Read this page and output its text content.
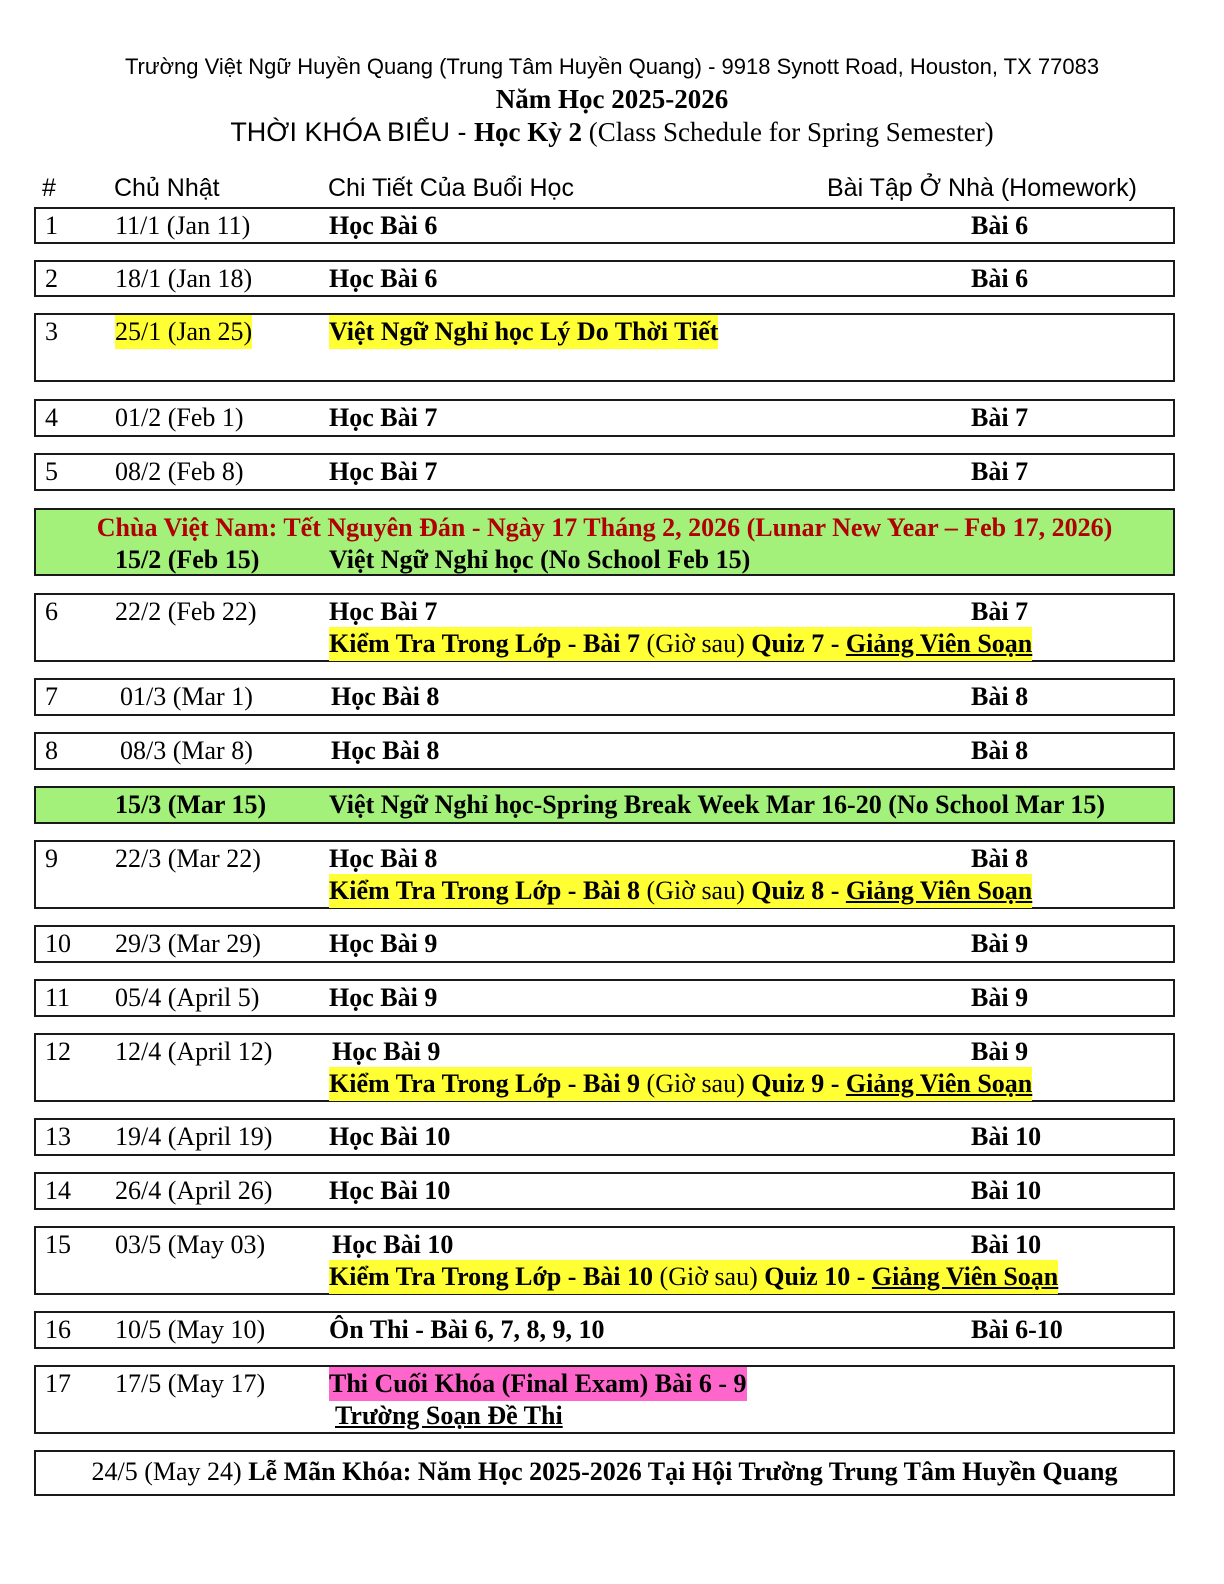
Trường Việt Ngữ Huyền Quang (Trung Tâm Huyền Quang) - 9918 Synott Road, Houston, TX 77083
Năm Học 2025-2026
THỜI KHÓA BIỂU - Học Kỳ 2 (Class Schedule for Spring Semester)
# Chủ Nhật	Chi Tiết Của Buổi Học	Bài Tập Ở Nhà (Homework)
1 11/1 (Jan 11)	Học Bài 6	Bài 6
2 18/1 (Jan 18)	Học Bài 6	Bài 6
3 25/1 (Jan 25)	Việt Ngữ Nghỉ học Lý Do Thời Tiết
4 01/2 (Feb 1)	Học Bài 7	Bài 7
5 08/2 (Feb 8)	Học Bài 7	Bài 7
Chùa Việt Nam: Tết Nguyên Đán - Ngày 17 Tháng 2, 2026 (Lunar New Year – Feb 17, 2026)
15/2 (Feb 15)	Việt Ngữ Nghỉ học (No School Feb 15)
6 22/2 (Feb 22)	Học Bài 7	Bài 7
Kiểm Tra Trong Lớp - Bài 7 (Giờ sau) Quiz 7 - Giảng Viên Soạn
7 01/3 (Mar 1)	Học Bài 8	Bài 8
8 08/3 (Mar 8)	Học Bài 8	Bài 8
15/3 (Mar 15) Việt Ngữ Nghỉ học-Spring Break Week Mar 16-20 (No School Mar 15)
9 22/3 (Mar 22)	Học Bài 8	Bài 8
Kiểm Tra Trong Lớp - Bài 8 (Giờ sau) Quiz 8 - Giảng Viên Soạn
10 29/3 (Mar 29)	Học Bài 9	Bài 9
11 05/4 (April 5)	Học Bài 9	Bài 9
12 12/4 (April 12) Học Bài 9	Bài 9
Kiểm Tra Trong Lớp - Bài 9 (Giờ sau) Quiz 9 - Giảng Viên Soạn
13 19/4 (April 19) Học Bài 10	Bài 10
14 26/4 (April 26) Học Bài 10	Bài 10
15 03/5 (May 03)	Học Bài 10	Bài 10
Kiểm Tra Trong Lớp - Bài 10 (Giờ sau) Quiz 10 - Giảng Viên Soạn
16 10/5 (May 10) Ôn Thi - Bài 6, 7, 8, 9, 10	Bài 6-10
17 17/5 (May 17) Thi Cuối Khóa (Final Exam) Bài 6 - 9
Trường Soạn Đề Thi
24/5 (May 24) Lễ Mãn Khóa: Năm Học 2025-2026 Tại Hội Trường Trung Tâm Huyền Quang
